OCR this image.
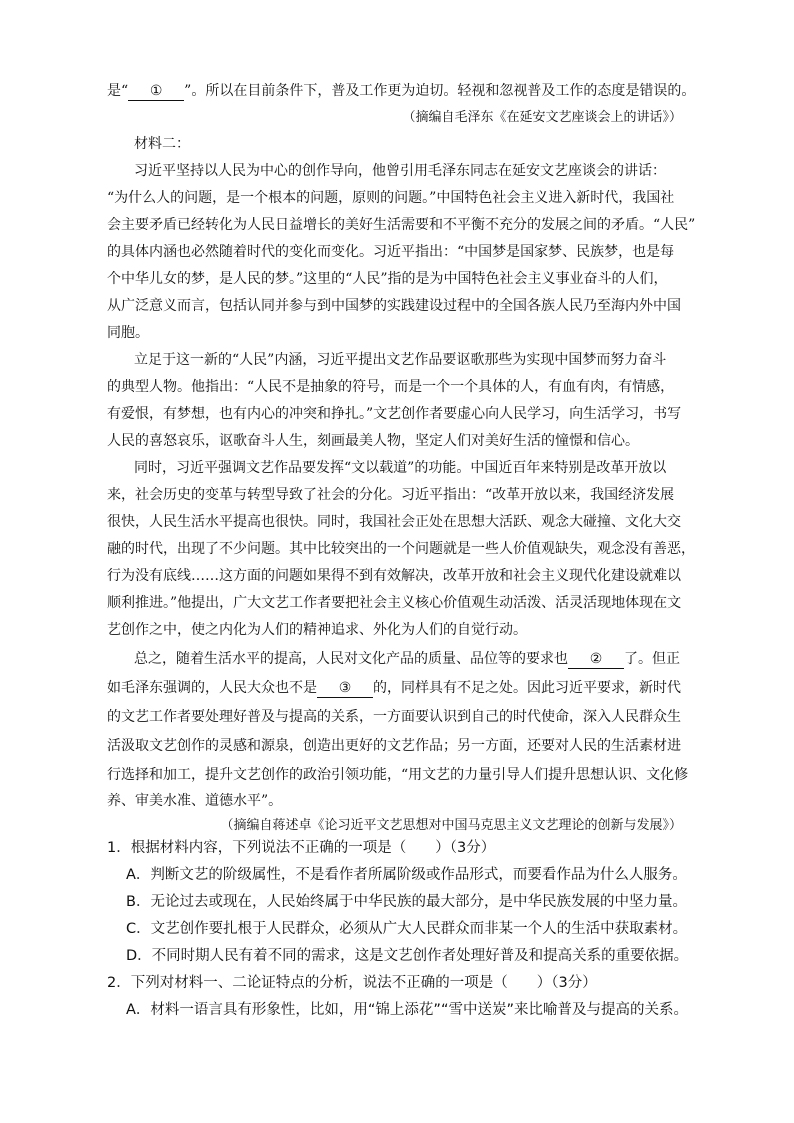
是“ ① ”。所以在目前条件下，普及工作更为迫切。轻视和忽视普及工作的态度是错误的。
（摘编自毛泽东《在延安文艺座谈会上的讲话》）
材料二：
习近平坚持以人民为中心的创作导向，他曾引用毛泽东同志在延安文艺座谈会的讲话：
“为什么人的问题，是一个根本的问题，原则的问题。”中国特色社会主义进入新时代，我国社
会主要矛盾已经转化为人民日益增长的美好生活需要和不平衡不充分的发展之间的矛盾。“人民”
的具体内涵也必然随着时代的变化而变化。习近平指出：“中国梦是国家梦、民族梦，也是每
个中华儿女的梦，是人民的梦。”这里的“人民”指的是为中国特色社会主义事业奋斗的人们，
从广泛意义而言，包括认同并参与到中国梦的实践建设过程中的全国各族人民乃至海内外中国
同胞。
立足于这一新的“人民”内涵，习近平提出文艺作品要讴歌那些为实现中国梦而努力奋斗
的典型人物。他指出：“人民不是抽象的符号，而是一个一个具体的人，有血有肉，有情感，
有爱恨，有梦想，也有内心的冲突和挣扎。”文艺创作者要虚心向人民学习，向生活学习，书写
人民的喜怒哀乐，讴歌奋斗人生，刻画最美人物，坚定人们对美好生活的憧憬和信心。
同时，习近平强调文艺作品要发挥“文以载道”的功能。中国近百年来特别是改革开放以
来，社会历史的变革与转型导致了社会的分化。习近平指出：“改革开放以来，我国经济发展
很快，人民生活水平提高也很快。同时，我国社会正处在思想大活跃、观念大碰撞、文化大交
融的时代，出现了不少问题。其中比较突出的一个问题就是一些人价值观缺失，观念没有善恶，
行为没有底线……这方面的问题如果得不到有效解决，改革开放和社会主义现代化建设就难以
顺利推进。”他提出，广大文艺工作者要把社会主义核心价值观生动活泼、活灵活现地体现在文
艺创作之中，使之内化为人们的精神追求、外化为人们的自觉行动。
总之，随着生活水平的提高，人民对文化产品的质量、品位等的要求也 ② 了。但正
如毛泽东强调的，人民大众也不是 ③ 的，同样具有不足之处。因此习近平要求，新时代
的文艺工作者要处理好普及与提高的关系，一方面要认识到自己的时代使命，深入人民群众生
活汲取文艺创作的灵感和源泉，创造出更好的文艺作品；另一方面，还要对人民的生活素材进
行选择和加工，提升文艺创作的政治引领功能，“用文艺的力量引导人们提升思想认识、文化修
养、审美水准、道德水平”。
（摘编自蒋述卓《论习近平文艺思想对中国马克思主义文艺理论的创新与发展》）
1．根据材料内容，下列说法不正确的一项是（　　）（3分）
A．判断文艺的阶级属性，不是看作者所属阶级或作品形式，而要看作品为什么人服务。
B．无论过去或现在，人民始终属于中华民族的最大部分，是中华民族发展的中坚力量。
C．文艺创作要扎根于人民群众，必须从广大人民群众而非某一个人的生活中获取素材。
D．不同时期人民有着不同的需求，这是文艺创作者处理好普及和提高关系的重要依据。
2．下列对材料一、二论证特点的分析，说法不正确的一项是（　　）（3分）
A．材料一语言具有形象性，比如，用“锦上添花”“雪中送炭”来比喻普及与提高的关系。
